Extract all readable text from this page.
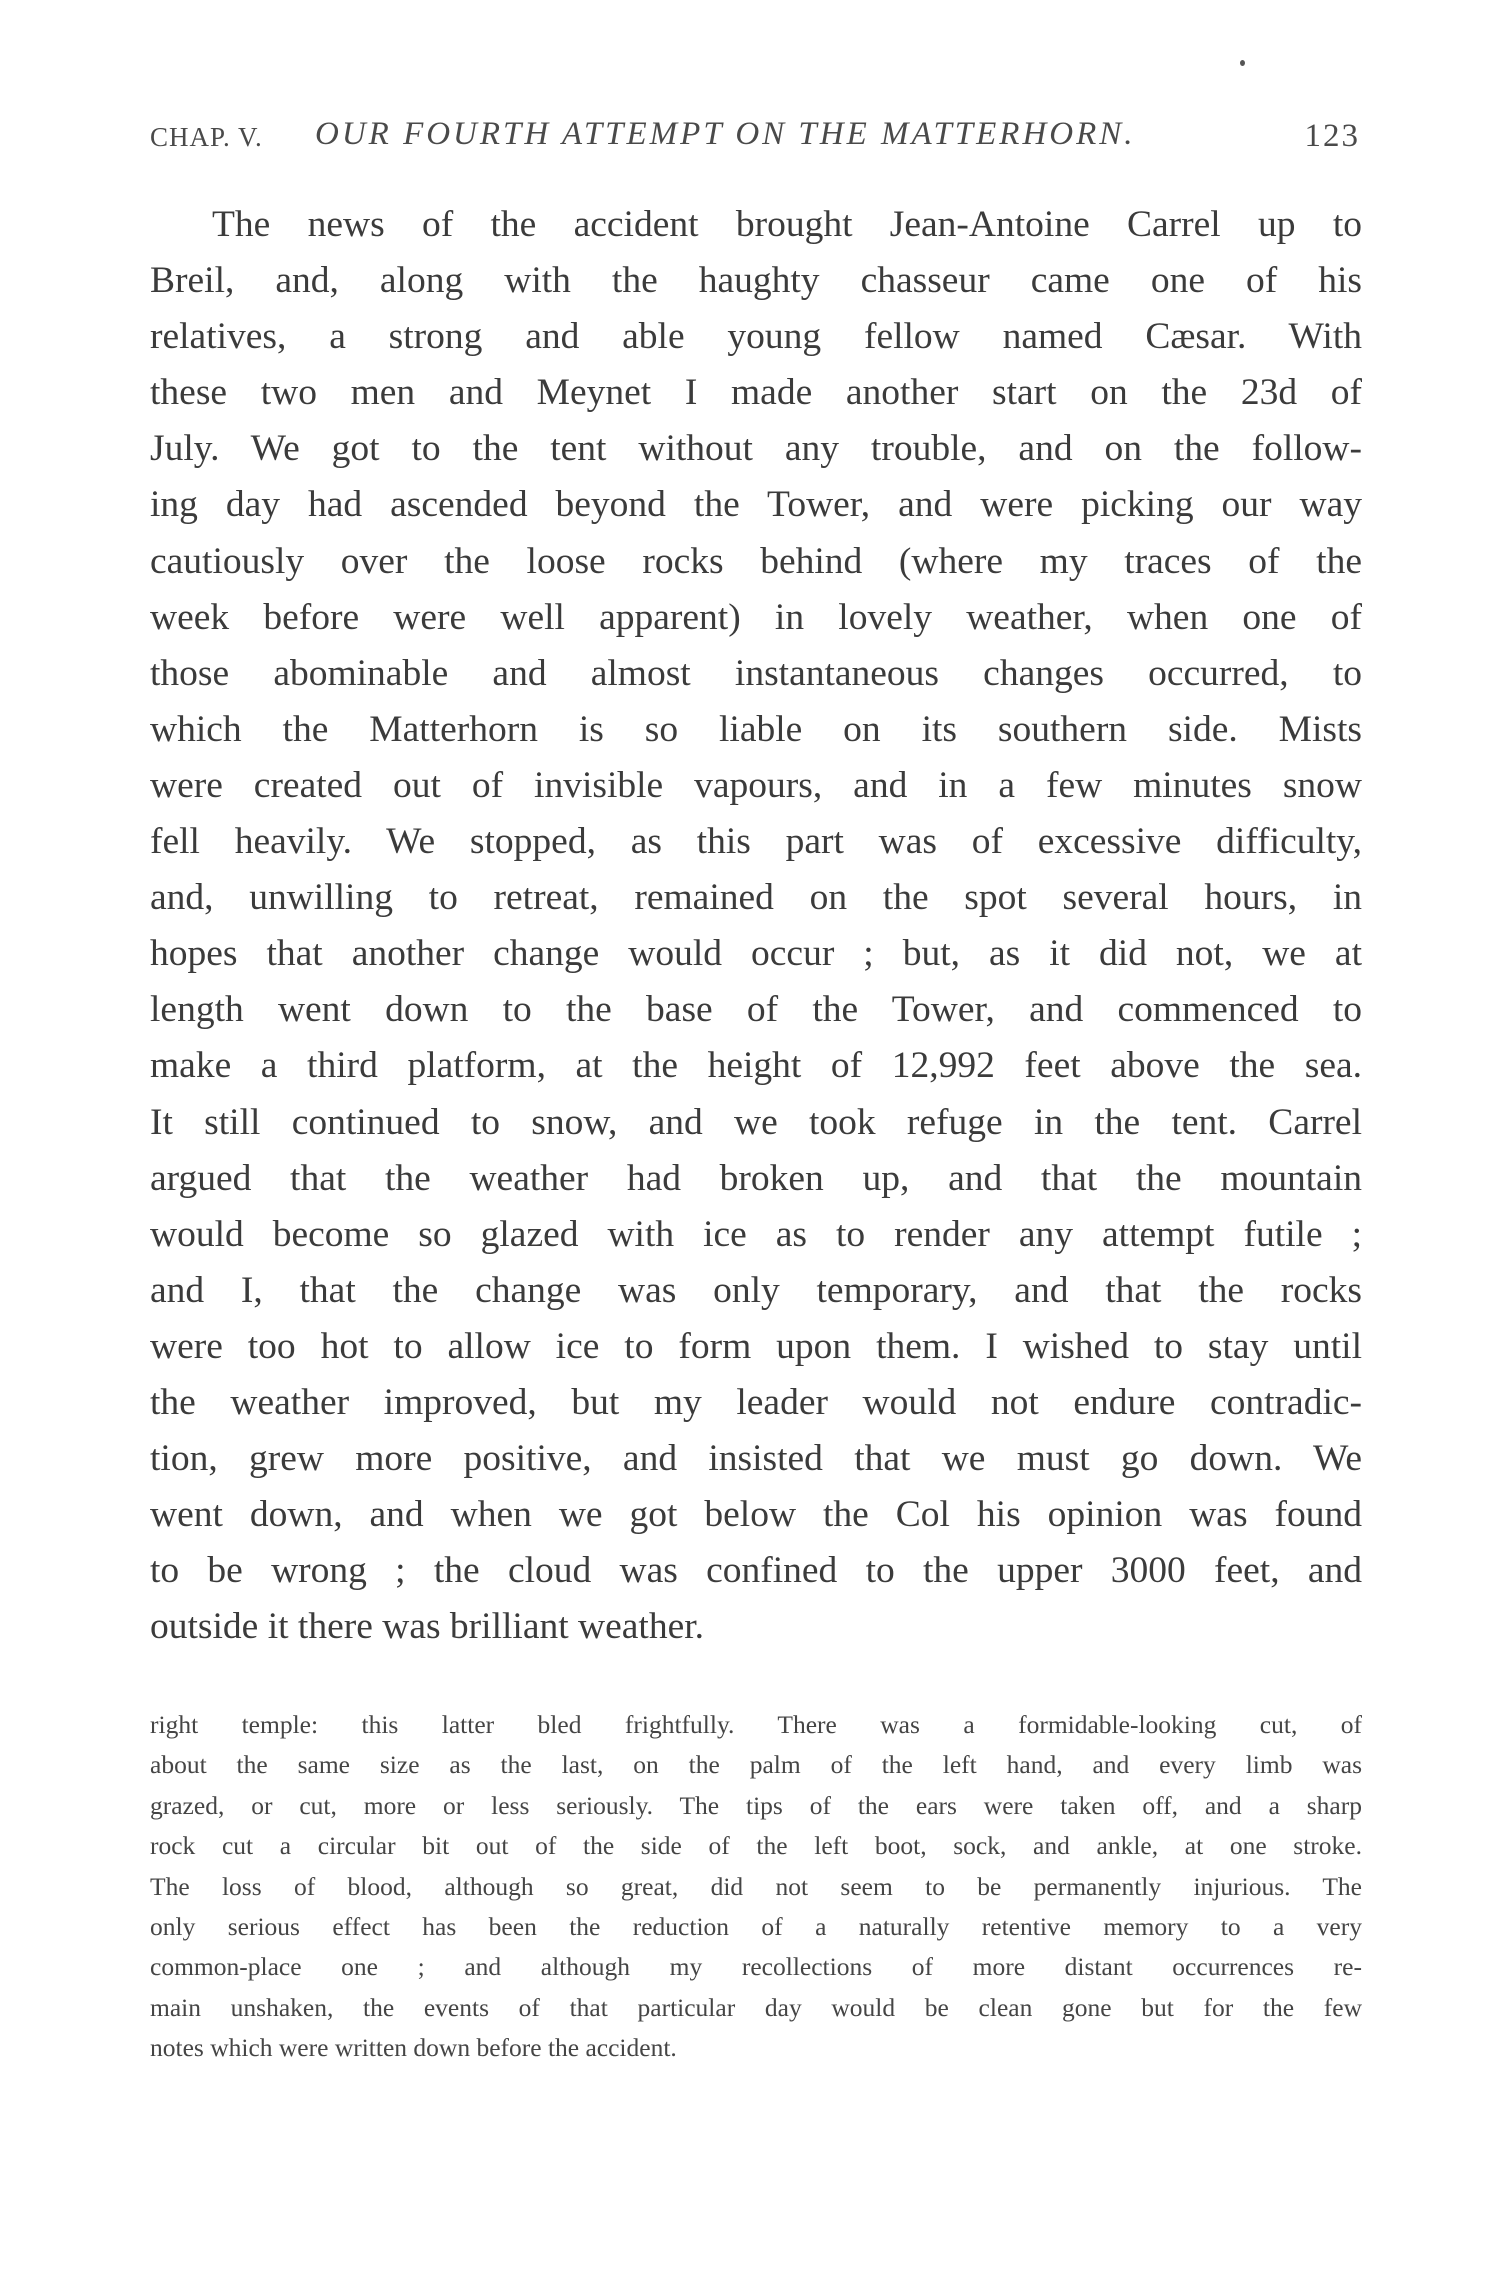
CHAP. V. OUR FOURTH ATTEMPT ON THE MATTERHORN.	123
The news of the accident brought Jean-Antoine Carrel up to
Breil, and, along with the haughty chasseur came one of his
relatives, a strong and able young fellow named Cæsar. With
these two men and Meynet I made another start on the 23d of
July. We got to the tent without any trouble, and on the follow-
ing day had ascended beyond the Tower, and were picking our way
cautiously over the loose rocks behind (where my traces of the
week before were well apparent) in lovely weather, when one of
those abominable and almost instantaneous changes occurred, to
which the Matterhorn is so liable on its southern side. Mists
were created out of invisible vapours, and in a few minutes snow
fell heavily. We stopped, as this part was of excessive difficulty,
and, unwilling to retreat, remained on the spot several hours, in
hopes that another change would occur ; but, as it did not, we at
length went down to the base of the Tower, and commenced to
make a third platform, at the height of 12,992 feet above the sea.
It still continued to snow, and we took refuge in the tent. Carrel
argued that the weather had broken up, and that the mountain
would become so glazed with ice as to render any attempt futile ;
and I, that the change was only temporary, and that the rocks
were too hot to allow ice to form upon them. I wished to stay until
the weather improved, but my leader would not endure contradic-
tion, grew more positive, and insisted that we must go down. We
went down, and when we got below the Col his opinion was found
to be wrong ; the cloud was confined to the upper 3000 feet, and
outside it there was brilliant weather.
right temple: this latter bled frightfully. There was a formidable-looking cut, of
about the same size as the last, on the palm of the left hand, and every limb was
grazed, or cut, more or less seriously. The tips of the ears were taken off, and a sharp
rock cut a circular bit out of the side of the left boot, sock, and ankle, at one stroke.
The loss of blood, although so great, did not seem to be permanently injurious. The
only serious effect has been the reduction of a naturally retentive memory to a very
common-place one ; and although my recollections of more distant occurrences re-
main unshaken, the events of that particular day would be clean gone but for the few
notes which were written down before the accident.
